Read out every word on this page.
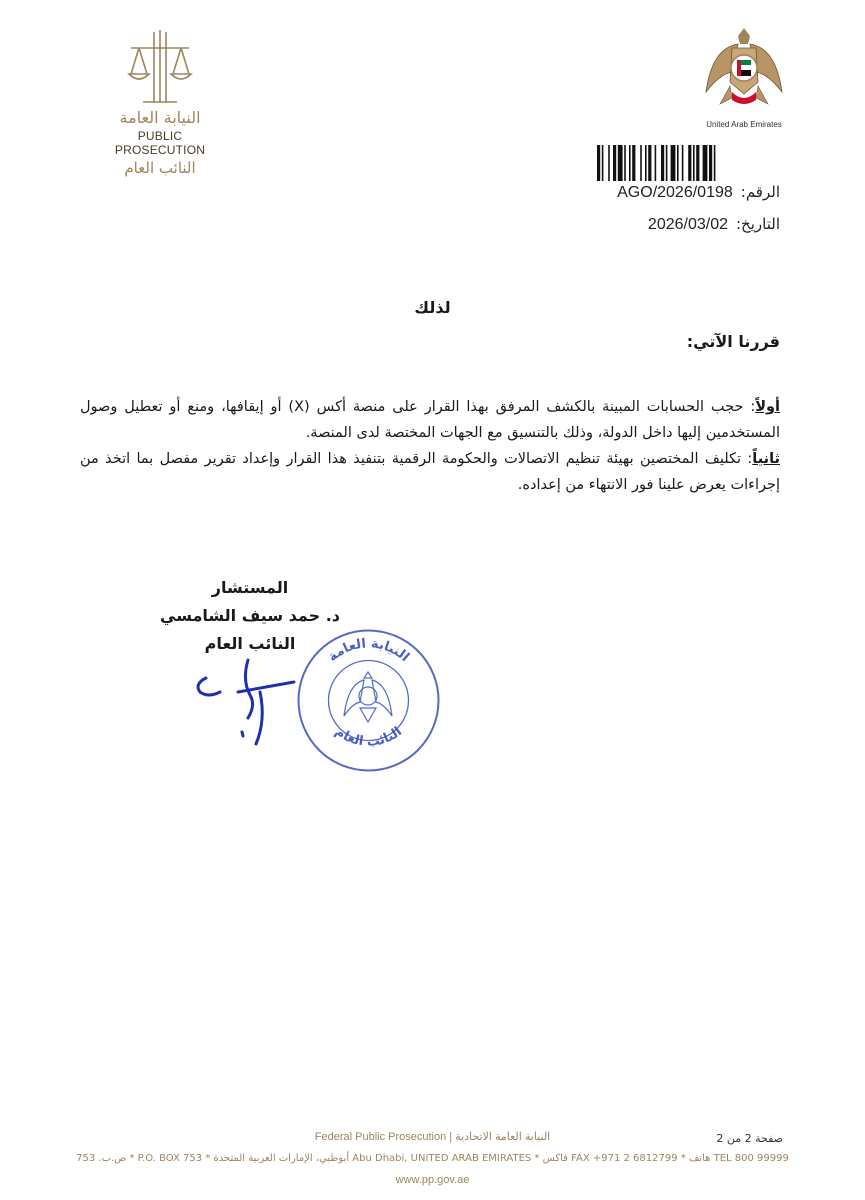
النيابة العامة
PUBLIC PROSECUTION
النائب العام
United Arab Emirates
الرقم:AGO/2026/0198
التاريخ:2026/03/02
لذلك
قررنا الآتي:

أولاً: حجب الحسابات المبينة بالكشف المرفق بهذا القرار على منصة أكس (X) أو إيقافها، ومنع أو تعطيل وصول المستخدمين إليها داخل الدولة، وذلك بالتنسيق مع الجهات المختصة لدى المنصة.

ثانياً: تكليف المختصين بهيئة تنظيم الاتصالات والحكومة الرقمية بتنفيذ هذا القرار وإعداد تقرير مفصل بما اتخذ من إجراءات يعرض علينا فور الانتهاء من إعداده.

المستشار
د. حمد سيف الشامسي
النائب العام
النيابة العامة
النائب العام
Federal Public Prosecution | النيابة العامة الاتحادية
ص.ب. 753 * P.O. BOX 753 * أبوظبي، الإمارات العربية المتحدة Abu Dhabi, UNITED ARAB EMIRATES * فاكس FAX +971 2 6812799 * هاتف TEL 800 99999
www.pp.gov.ae
صفحة 2 من 2
